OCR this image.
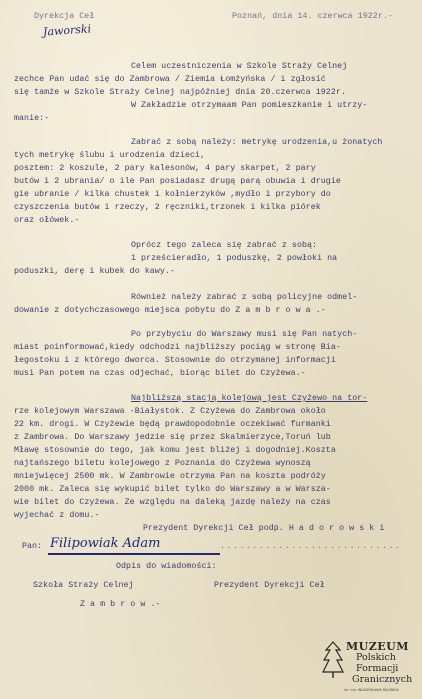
Dyrekcja Ceł	Poznań, dnia 14. czerwca 1922r.-
Jaworski
Celem uczestniczenia w Szkole Straży Celnej
zechce Pan udać się do Zambrowa / Ziemia Łomżyńska / i zgłosić
się tamże w Szkole Straży Celnej najpóźniej dnia 20.czerwca 1922r.
W Zakładzie otrzymaam Pan pomieszkanie i utrzy-
manie:-
Zabrać z sobą należy: metrykę urodzenia,u żonatych
tych metrykę ślubu i urodzenia dzieci,
posztem: 2 koszule, 2 pary kalesonów, 4 pary skarpet, 2 pary
butów i 2 ubrania/ o ile Pan posiadasz drugą parą obuwia i drugie
gie ubranie / kilka chustek i kołnierzyków ,mydło i przybory do
czyszczenia butów i rzeczy, 2 ręczniki,trzonek i kilka piórek
oraz ołówek.-
Oprócz tego zaleca się zabrać z sobą:
1 prześcieradło, 1 poduszkę, 2 powłoki na
poduszki, derę i kubek do kawy.-
Również należy zabrać z sobą policyjne odmel-
dowanie z dotychczasowego miejsca pobytu do Z a m b r o w a .-
Po przybyciu do Warszawy musi się Pan natych-
miast poinformować,kiedy odchodzi najbliższy pociąg w stronę Bia-
łegostoku i z którego dworca. Stosownie do otrzymanej informacji
musi Pan potem na czas odjechać, biorąc bilet do Czyżewa.-
Najbliższą stacją kolejową jest Czyżewo na tor-
rze kolejowym Warszawa -Białystok. Z Czyżewa do Zambrowa około
22 km. drogi. W Czyżewie będą prawdopodobnie oczekiwać furmanki
z Zambrowa. Do Warszawy jedzie się przez Skalmierzyce,Toruń lub
Mławę stosownie do tego, jak komu jest bliżej i dogodniej.Koszta
najtańszego biletu kolejowego z Poznania do Czyżewa wynoszą
mniejwięcej 2500 mk. W Zambrowie otrzyma Pan na koszta podróży
2000 mk. Zaleca się wykupić bilet tylko do Warszawy a w Warsza-
wie bilet do Czyżewa. Ze względu na daleką jazdę należy na czas
wyjechać z domu.-
Prezydent Dyrekcji Ceł podp. H a d o r o w s k i
Pan: Filipowiak Adam	............................
Odpis do wiadomości:
Szkoła Straży Celnej	Prezydent Dyrekcji Ceł
Z a m b r o w .-
MUZEUM
Polskich
Formacji
Granicznych
im. mjr. WŁADYSŁAWA RAGINISA
